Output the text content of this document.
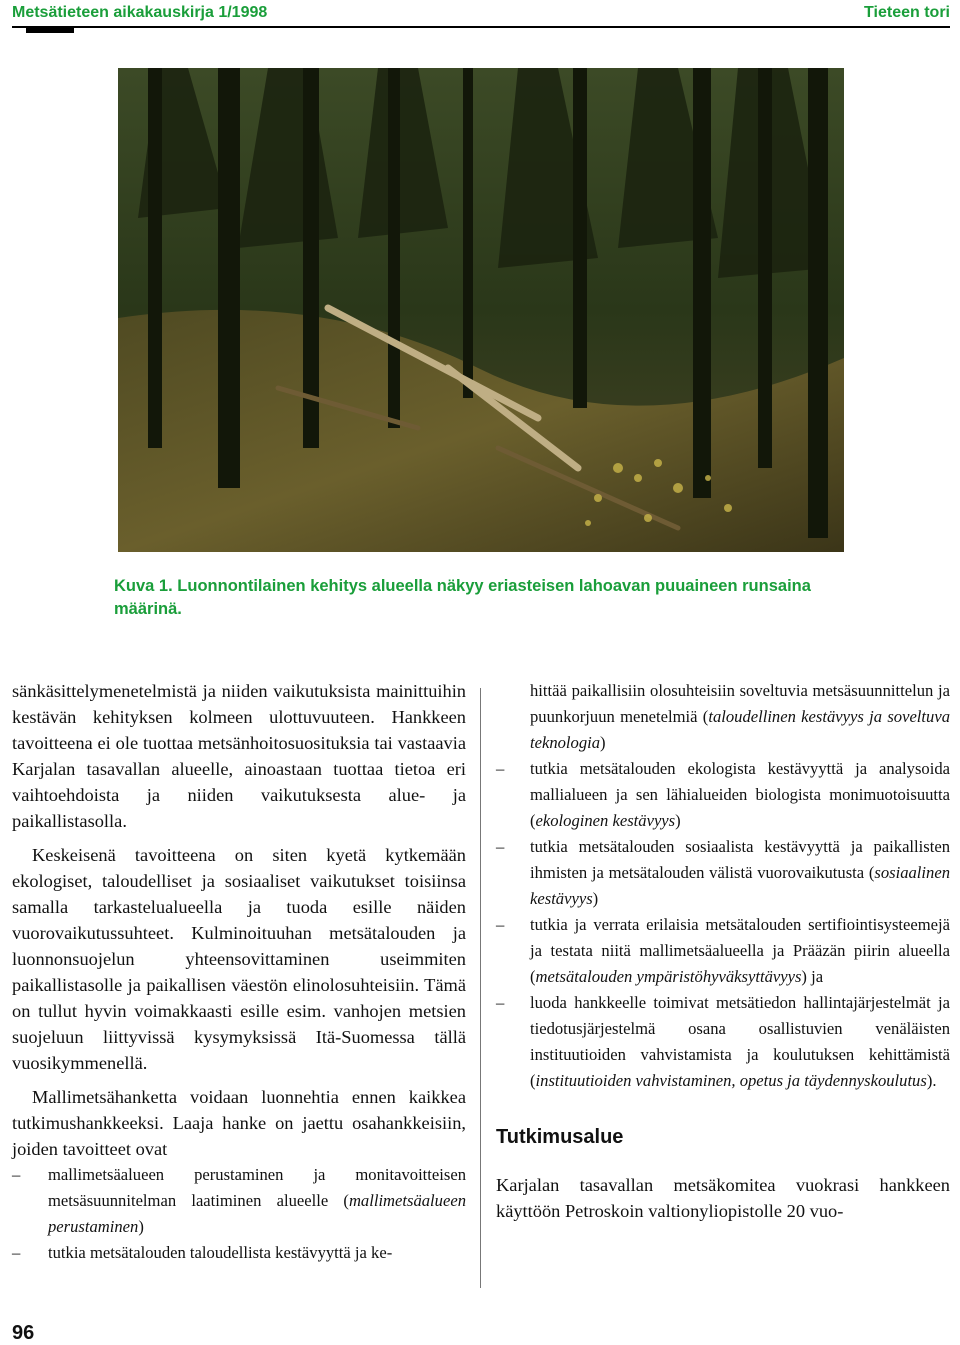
Metsätieteen aikakauskirja 1/1998	Tieteen tori
Kuva 1. Luonnontilainen kehitys alueella näkyy eriasteisen lahoavan puuaineen runsaina määrinä.

sänkäsittelymenetelmistä ja niiden vaikutuksista mainittuihin kestävän kehityksen kolmeen ulottuvuuteen. Hankkeen tavoitteena ei ole tuottaa metsänhoitosuosituksia tai vastaavia Karjalan tasavallan alueelle, ainoastaan tuottaa tietoa eri vaihtoehdoista ja niiden vaikutuksesta alue- ja paikallistasolla.

Keskeisenä tavoitteena on siten kyetä kytkemään ekologiset, taloudelliset ja sosiaaliset vaikutukset toisiinsa samalla tarkastelualueella ja tuoda esille näiden vuorovaikutussuhteet. Kulminoituuhan metsätalouden ja luonnonsuojelun yhteensovittaminen useimmiten paikallistasolle ja paikallisen väestön elinolosuhteisiin. Tämä on tullut hyvin voimakkaasti esille esim. vanhojen metsien suojeluun liittyvissä kysymyksissä Itä-Suomessa tällä vuosikymmenellä.

Mallimetsähanketta voidaan luonnehtia ennen kaikkea tutkimushankkeeksi. Laaja hanke on jaettu osahankkeisiin, joiden tavoitteet ovat

– mallimetsäalueen perustaminen ja monitavoitteisen metsäsuunnitelman laatiminen alueelle (mallimetsäalueen perustaminen)
– tutkia metsätalouden taloudellista kestävyyttä ja ke-
hittää paikallisiin olosuhteisiin soveltuvia metsäsuunnittelun ja puunkorjuun menetelmiä (taloudellinen kestävyys ja soveltuva teknologia)
– tutkia metsätalouden ekologista kestävyyttä ja analysoida mallialueen ja sen lähialueiden biologista monimuotoisuutta (ekologinen kestävyys)
– tutkia metsätalouden sosiaalista kestävyyttä ja paikallisten ihmisten ja metsätalouden välistä vuorovaikutusta (sosiaalinen kestävyys)
– tutkia ja verrata erilaisia metsätalouden sertifiointisysteemejä ja testata niitä mallimetsäalueella ja Prääzän piirin alueella (metsätalouden ympäristöhyväksyttävyys) ja
– luoda hankkeelle toimivat metsätiedon hallintajärjestelmät ja tiedotusjärjestelmä osana osallistuvien venäläisten instituutioiden vahvistamista ja koulutuksen kehittämistä (instituutioiden vahvistaminen, opetus ja täydennyskoulutus).
Tutkimusalue

Karjalan tasavallan metsäkomitea vuokrasi hankkeen käyttöön Petroskoin valtionyliopistolle 20 vuo-

96
